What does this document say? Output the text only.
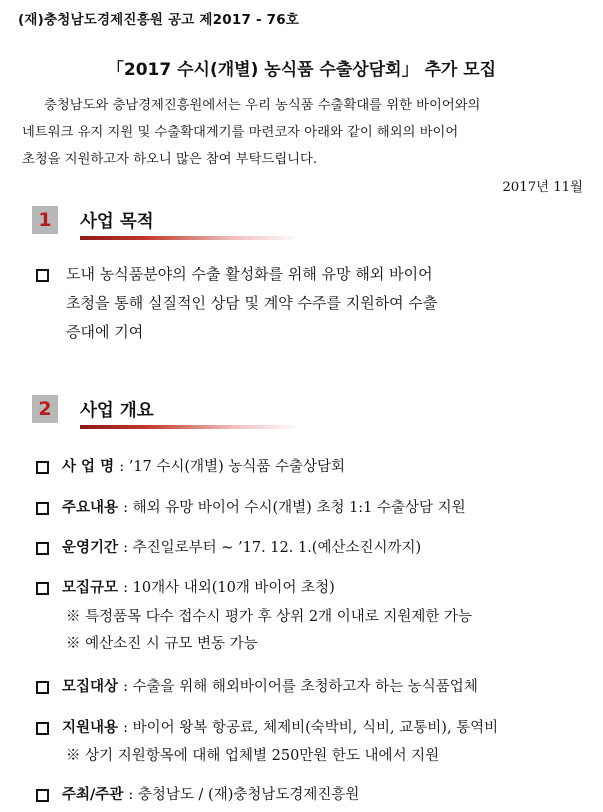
(재)충청남도경제진흥원 공고 제2017 - 76호
「2017 수시(개별) 농식품 수출상담회」 추가 모집
충청남도와 충남경제진흥원에서는 우리 농식품 수출확대를 위한 바이어와의
네트워크 유지 지원 및 수출확대계기를 마련코자 아래와 같이 해외의 바이어
초청을 지원하고자 하오니 많은 참여 부탁드립니다.
2017년 11월
1	사업 목적
도내 농식품분야의 수출 활성화를 위해 유망 해외 바이어
초청을 통해 실질적인 상담 및 계약 수주를 지원하여 수출
증대에 기여
2	사업 개요
사 업 명 : ’17 수시(개별) 농식품 수출상담회
주요내용 : 해외 유망 바이어 수시(개별) 초청 1:1 수출상담 지원
운영기간 : 추진일로부터 ~ ’17. 12. 1.(예산소진시까지)
모집규모 : 10개사 내외(10개 바이어 초청)
※ 특정품목 다수 접수시 평가 후 상위 2개 이내로 지원제한 가능
※ 예산소진 시 규모 변동 가능
모집대상 : 수출을 위해 해외바이어를 초청하고자 하는 농식품업체
지원내용 : 바이어 왕복 항공료, 체제비(숙박비, 식비, 교통비), 통역비
※ 상기 지원항목에 대해 업체별 250만원 한도 내에서 지원
주최/주관 : 충청남도 / (재)충청남도경제진흥원
